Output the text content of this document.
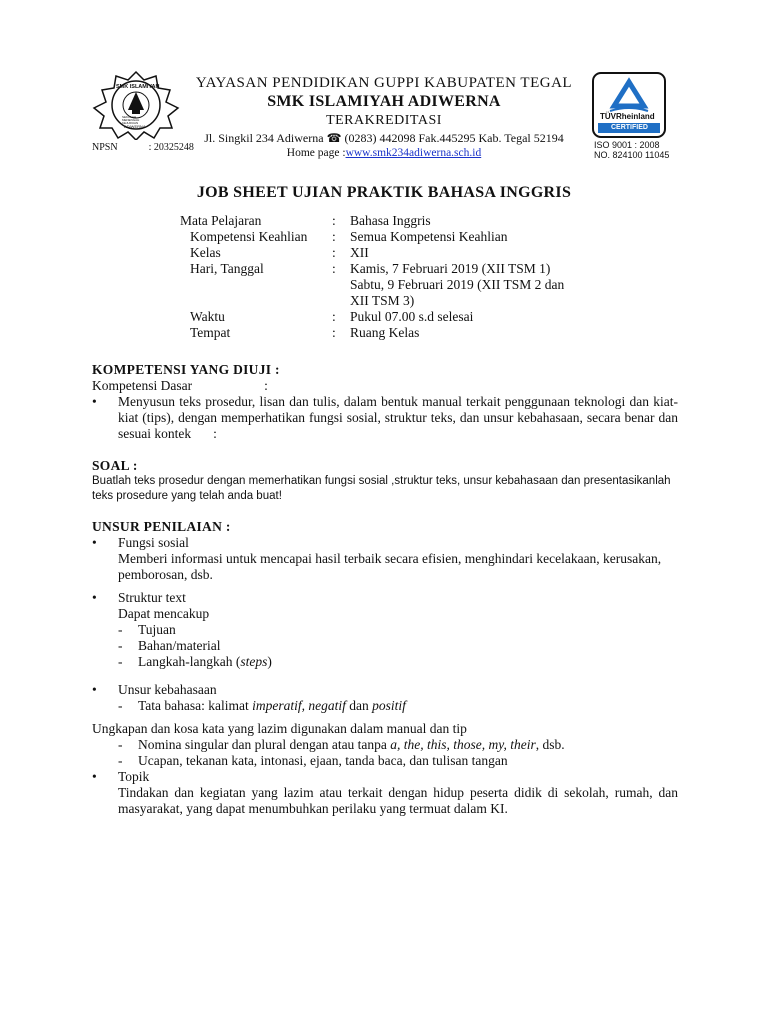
SMK ISLAMIYAH
SEKOLAH MENENGAH KEJURUAN
ADIWERNA
NPSN	: 20325248
YAYASAN PENDIDIKAN GUPPI KABUPATEN TEGAL
SMK ISLAMIYAH ADIWERNA
TERAKREDITASI
Jl. Singkil 234 Adiwerna ☎ (0283) 442098 Fak.445295 Kab. Tegal 52194
Home page :www.smk234adiwerna.sch.id
TÜVRheinland
CERTIFIED
ISO 9001 : 2008
NO. 824100 11045
JOB SHEET UJIAN PRAKTIK BAHASA INGGRIS
Mata Pelajaran	:	Bahasa Inggris
Kompetensi Keahlian	:	Semua Kompetensi Keahlian
Kelas	:	XII
Hari, Tanggal	:	Kamis, 7 Februari 2019 (XII TSM 1)
Sabtu, 9 Februari 2019 (XII TSM 2 dan
XII TSM 3)
Waktu	:	Pukul 07.00 s.d selesai
Tempat	:	Ruang Kelas
KOMPETENSI YANG DIUJI :
Kompetensi Dasar	:
•	Menyusun teks prosedur, lisan dan tulis, dalam bentuk manual terkait penggunaan teknologi dan kiat-kiat (tips), dengan memperhatikan fungsi sosial, struktur teks, dan unsur kebahasaan, secara benar dan sesuai kontek :
SOAL :
Buatlah teks prosedur dengan memerhatikan fungsi sosial ,struktur teks, unsur kebahasaan dan presentasikanlah teks prosedure yang telah anda buat!
UNSUR PENILAIAN :
•	Fungsi sosial
Memberi informasi untuk mencapai hasil terbaik secara efisien, menghindari kecelakaan, kerusakan, pemborosan, dsb.
•	Struktur text
Dapat mencakup
-	Tujuan
-	Bahan/material
-	Langkah-langkah (steps)
•	Unsur kebahasaan
-	Tata bahasa: kalimat imperatif, negatif dan positif
Ungkapan dan kosa kata yang lazim digunakan dalam manual dan tip
-	Nomina singular dan plural dengan atau tanpa a, the, this, those, my, their, dsb.
-	Ucapan, tekanan kata, intonasi, ejaan, tanda baca, dan tulisan tangan
•	Topik
Tindakan dan kegiatan yang lazim atau terkait dengan hidup peserta didik di sekolah, rumah, dan masyarakat, yang dapat menumbuhkan perilaku yang termuat dalam KI.
